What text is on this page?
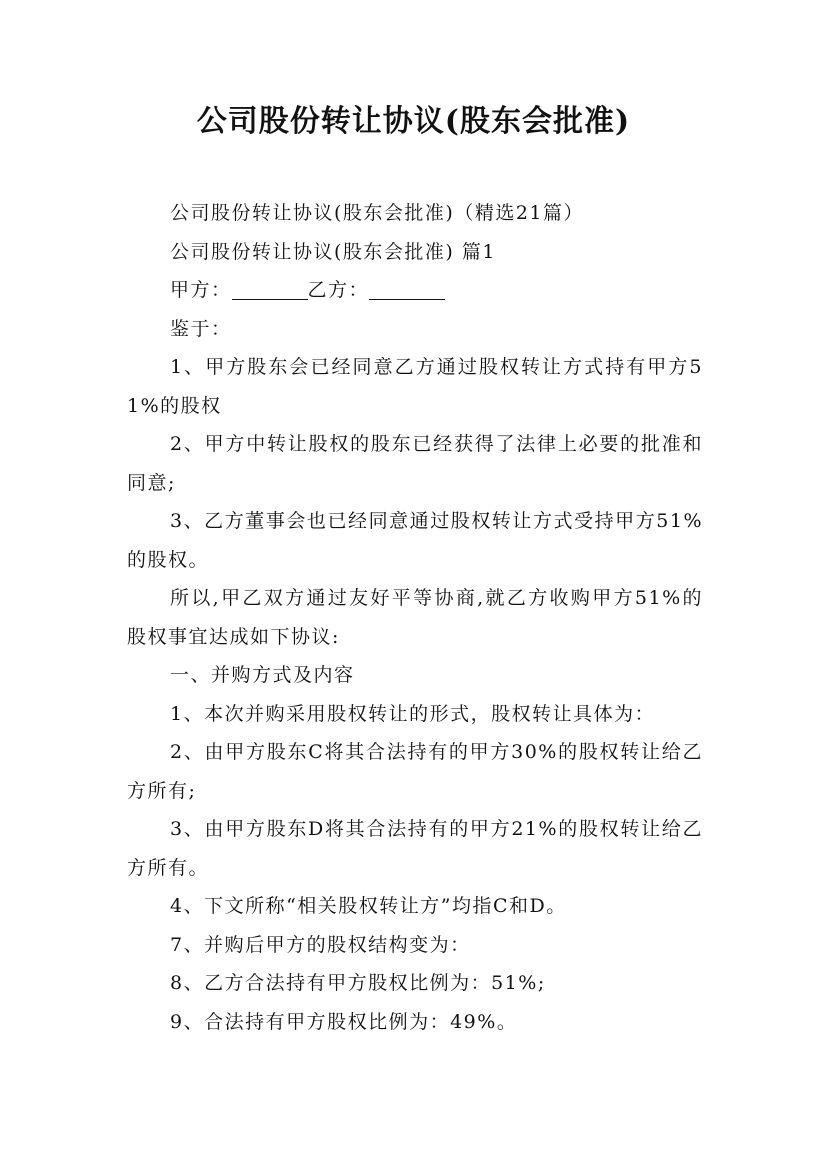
公司股份转让协议(股东会批准)

公司股份转让协议(股东会批准)（精选21篇）

公司股份转让协议(股东会批准) 篇1

甲方：	乙方：

鉴于：

1、甲方股东会已经同意乙方通过股权转让方式持有甲方51%的股权

2、甲方中转让股权的股东已经获得了法律上必要的批准和同意;

3、乙方董事会也已经同意通过股权转让方式受持甲方51%的股权。

所以,甲乙双方通过友好平等协商,就乙方收购甲方51%的股权事宜达成如下协议:

一、并购方式及内容

1、本次并购采用股权转让的形式，股权转让具体为：

2、由甲方股东C将其合法持有的甲方30%的股权转让给乙方所有;

3、由甲方股东D将其合法持有的甲方21%的股权转让给乙方所有。

4、下文所称“相关股权转让方”均指C和D。

7、并购后甲方的股权结构变为：

8、乙方合法持有甲方股权比例为：51%;

9、合法持有甲方股权比例为：49%。
